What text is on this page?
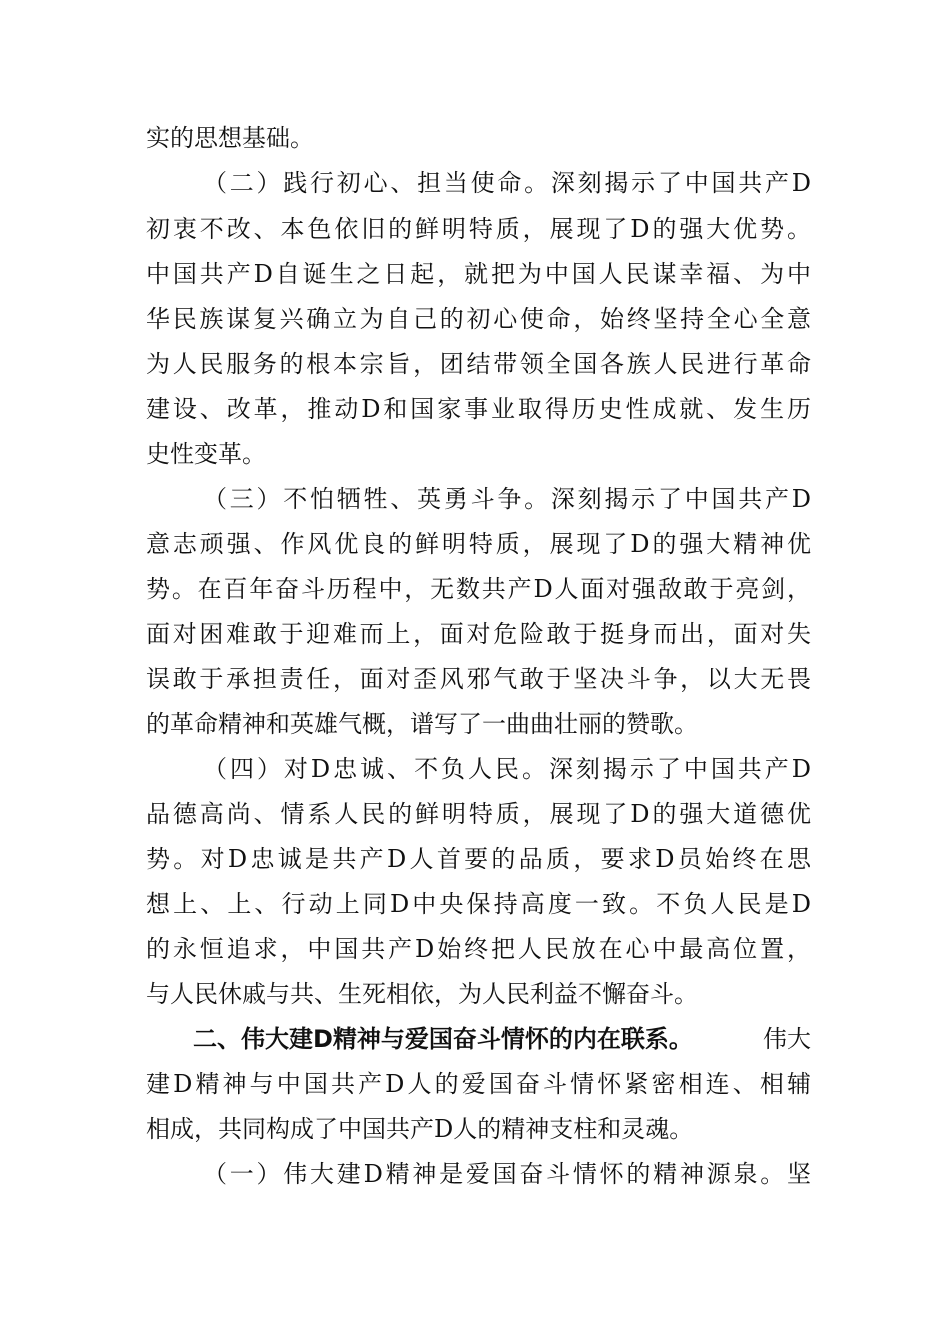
实的思想基础。
（二）践行初心、担当使命。深刻揭示了中国共产D
初衷不改、本色依旧的鲜明特质，展现了D的强大优势。
中国共产D自诞生之日起，就把为中国人民谋幸福、为中
华民族谋复兴确立为自己的初心使命，始终坚持全心全意
为人民服务的根本宗旨，团结带领全国各族人民进行革命
建设、改革，推动D和国家事业取得历史性成就、发生历
史性变革。
（三）不怕牺牲、英勇斗争。深刻揭示了中国共产D
意志顽强、作风优良的鲜明特质，展现了D的强大精神优
势。在百年奋斗历程中，无数共产D人面对强敌敢于亮剑，
面对困难敢于迎难而上，面对危险敢于挺身而出，面对失
误敢于承担责任，面对歪风邪气敢于坚决斗争，以大无畏
的革命精神和英雄气概，谱写了一曲曲壮丽的赞歌。
（四）对D忠诚、不负人民。深刻揭示了中国共产D
品德高尚、情系人民的鲜明特质，展现了D的强大道德优
势。对D忠诚是共产D人首要的品质，要求D员始终在思
想上、上、行动上同D中央保持高度一致。不负人民是D
的永恒追求，中国共产D始终把人民放在心中最高位置，
与人民休戚与共、生死相依，为人民利益不懈奋斗。
二、伟大建D精神与爱国奋斗情怀的内在联系。	伟大
建D精神与中国共产D人的爱国奋斗情怀紧密相连、相辅
相成，共同构成了中国共产D人的精神支柱和灵魂。
（一）伟大建D精神是爱国奋斗情怀的精神源泉。坚
